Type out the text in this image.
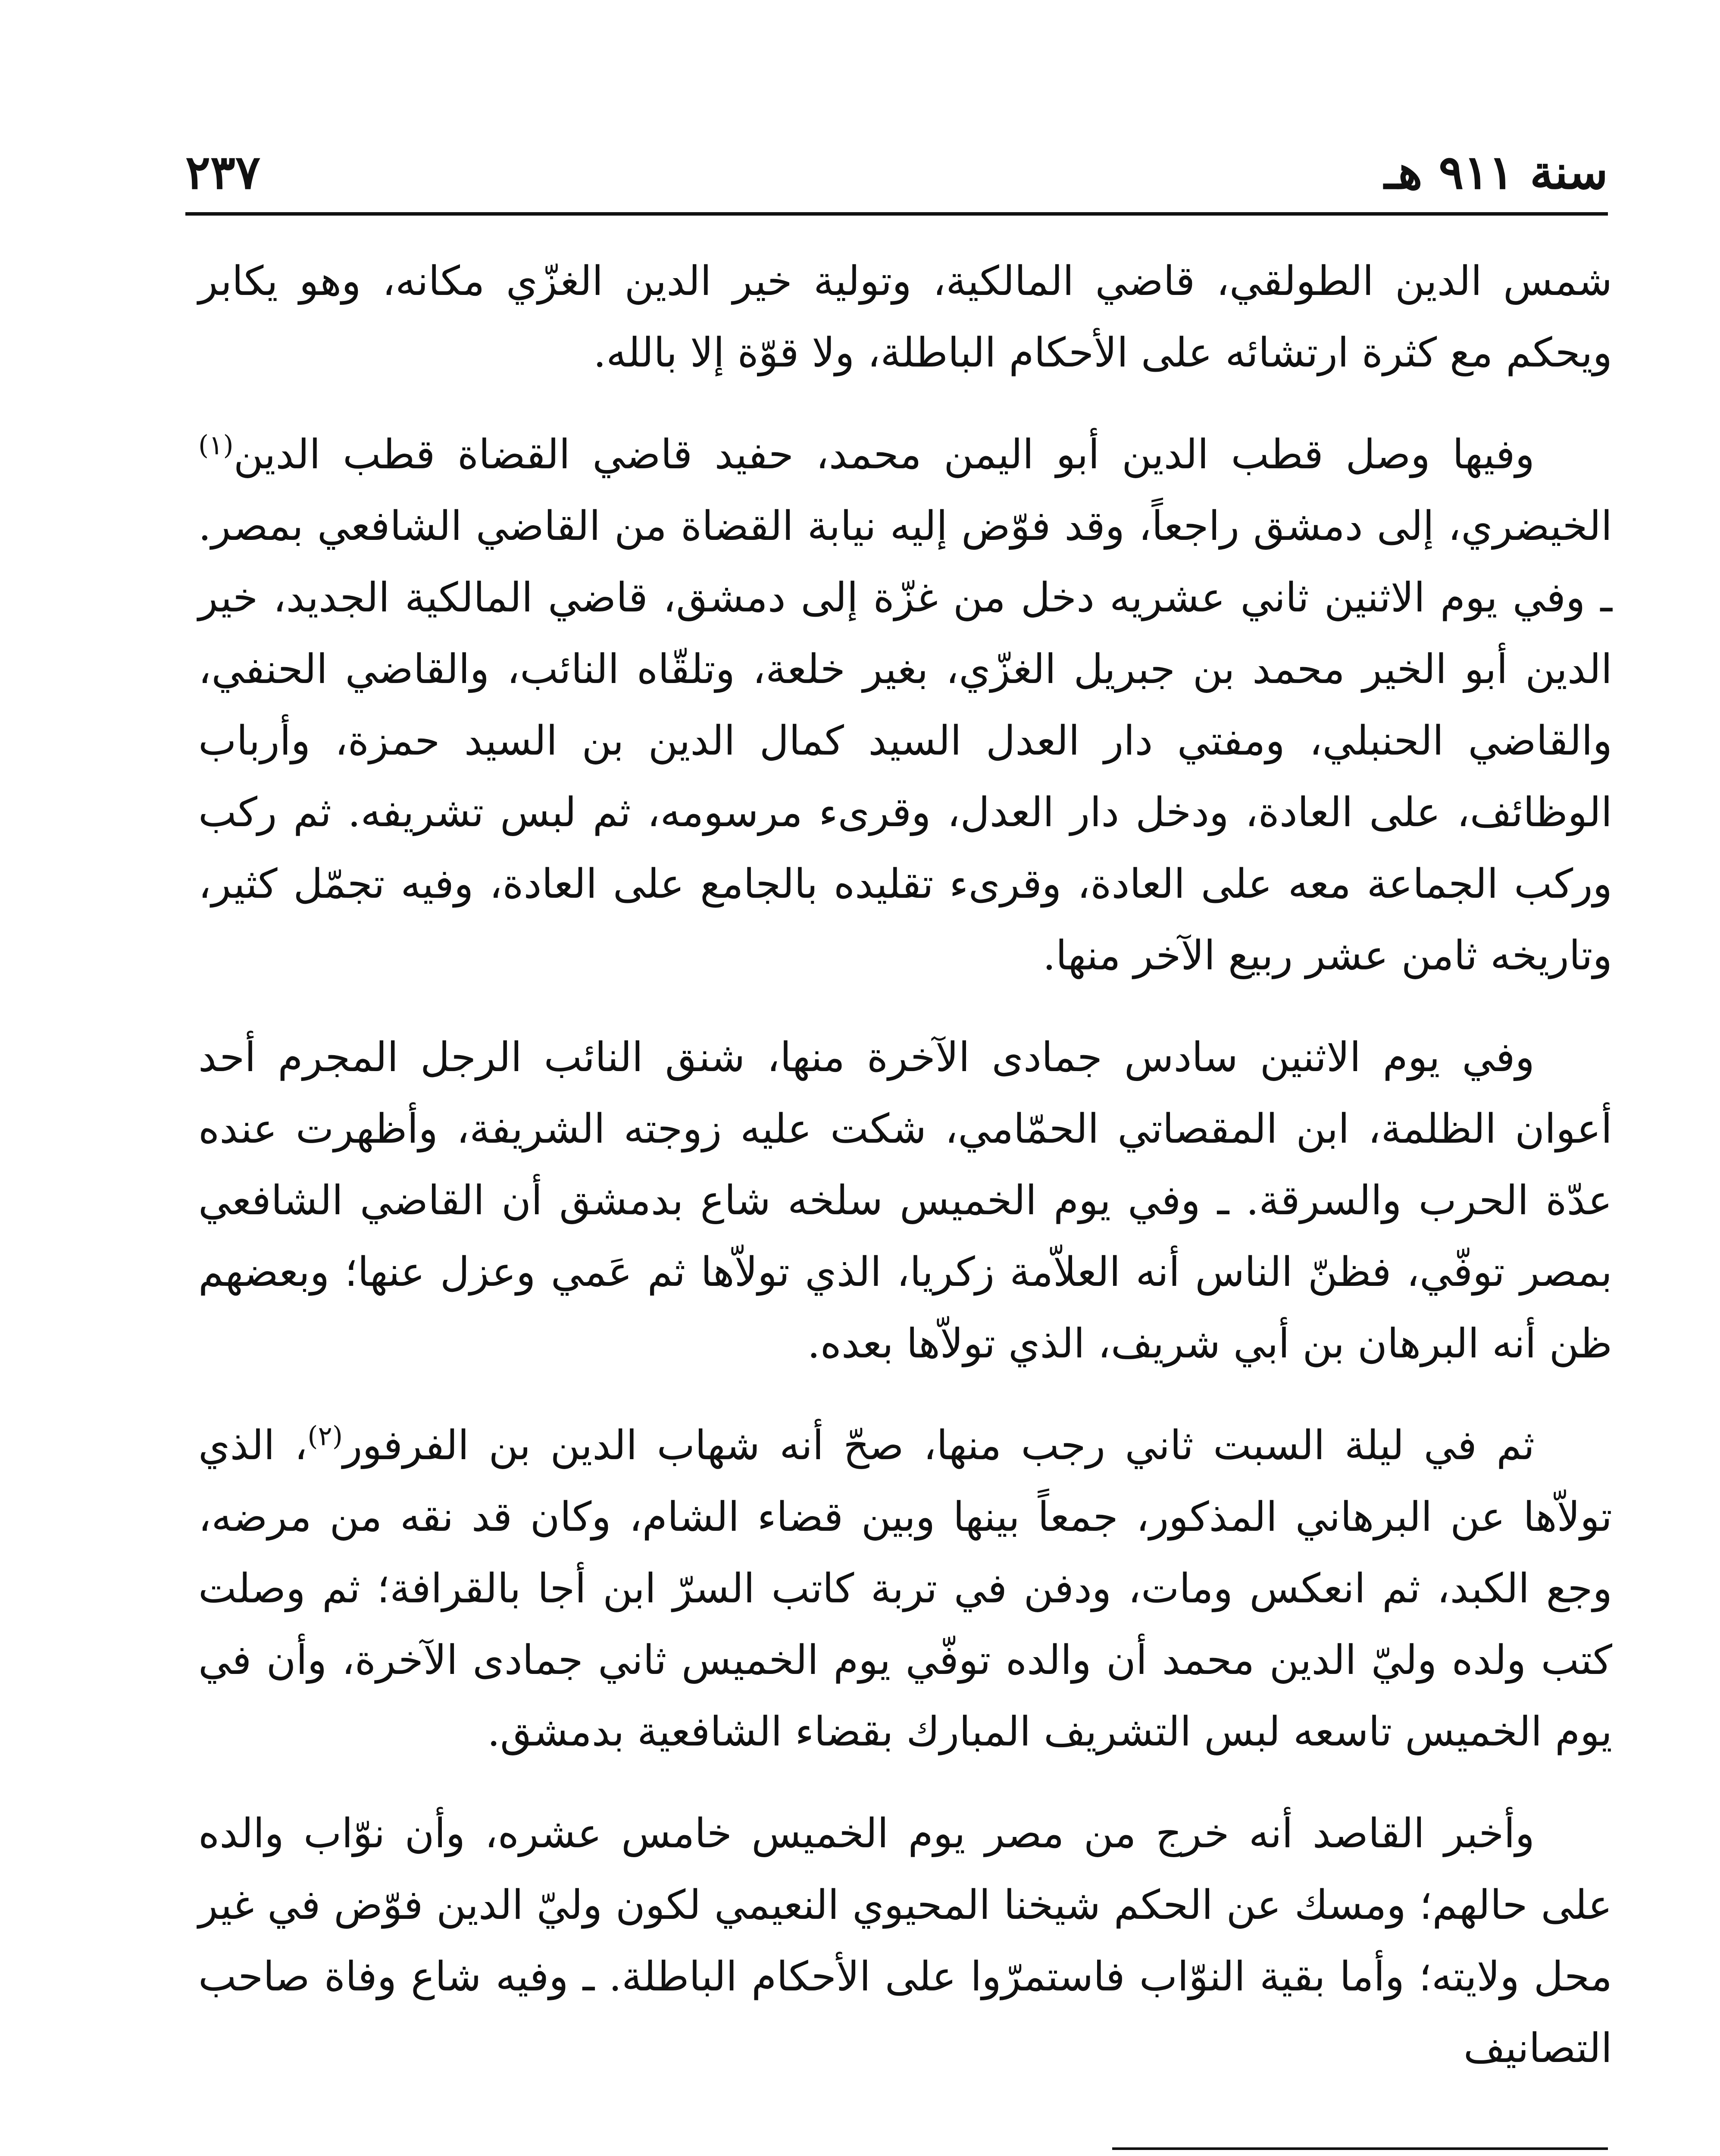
سنة ٩١١ هـ
٢٣٧

شمس الدين الطولقي، قاضي المالكية، وتولية خير الدين الغزّي مكانه، وهو يكابر ويحكم مع كثرة ارتشائه على الأحكام الباطلة، ولا قوّة إلا بالله.

وفيها وصل قطب الدين أبو اليمن محمد، حفيد قاضي القضاة قطب الدين$^{(١)}$ الخيضري، إلى دمشق راجعاً، وقد فوّض إليه نيابة القضاة من القاضي الشافعي بمصر. ـ وفي يوم الاثنين ثاني عشريه دخل من غزّة إلى دمشق، قاضي المالكية الجديد، خير الدين أبو الخير محمد بن جبريل الغزّي، بغير خلعة، وتلقّاه النائب، والقاضي الحنفي، والقاضي الحنبلي، ومفتي دار العدل السيد كمال الدين بن السيد حمزة، وأرباب الوظائف، على العادة، ودخل دار العدل، وقرىء مرسومه، ثم لبس تشريفه. ثم ركب وركب الجماعة معه على العادة، وقرىء تقليده بالجامع على العادة، وفيه تجمّل كثير، وتاريخه ثامن عشر ربيع الآخر منها.

وفي يوم الاثنين سادس جمادى الآخرة منها، شنق النائب الرجل المجرم أحد أعوان الظلمة، ابن المقصاتي الحمّامي، شكت عليه زوجته الشريفة، وأظهرت عنده عدّة الحرب والسرقة. ـ وفي يوم الخميس سلخه شاع بدمشق أن القاضي الشافعي بمصر توفّي، فظنّ الناس أنه العلاّمة زكريا، الذي تولاّها ثم عَمي وعزل عنها؛ وبعضهم ظن أنه البرهان بن أبي شريف، الذي تولاّها بعده.

ثم في ليلة السبت ثاني رجب منها، صحّ أنه شهاب الدين بن الفرفور$^{(٢)}$، الذي تولاّها عن البرهاني المذكور، جمعاً بينها وبين قضاء الشام، وكان قد نقه من مرضه، وجع الكبد، ثم انعكس ومات، ودفن في تربة كاتب السرّ ابن أجا بالقرافة؛ ثم وصلت كتب ولده وليّ الدين محمد أن والده توفّي يوم الخميس ثاني جمادى الآخرة، وأن في يوم الخميس تاسعه لبس التشريف المبارك بقضاء الشافعية بدمشق.

وأخبر القاصد أنه خرج من مصر يوم الخميس خامس عشره، وأن نوّاب والده على حالهم؛ ومسك عن الحكم شيخنا المحيوي النعيمي لكون وليّ الدين فوّض في غير محل ولايته؛ وأما بقية النوّاب فاستمرّوا على الأحكام الباطلة. ـ وفيه شاع وفاة صاحب التصانيف
